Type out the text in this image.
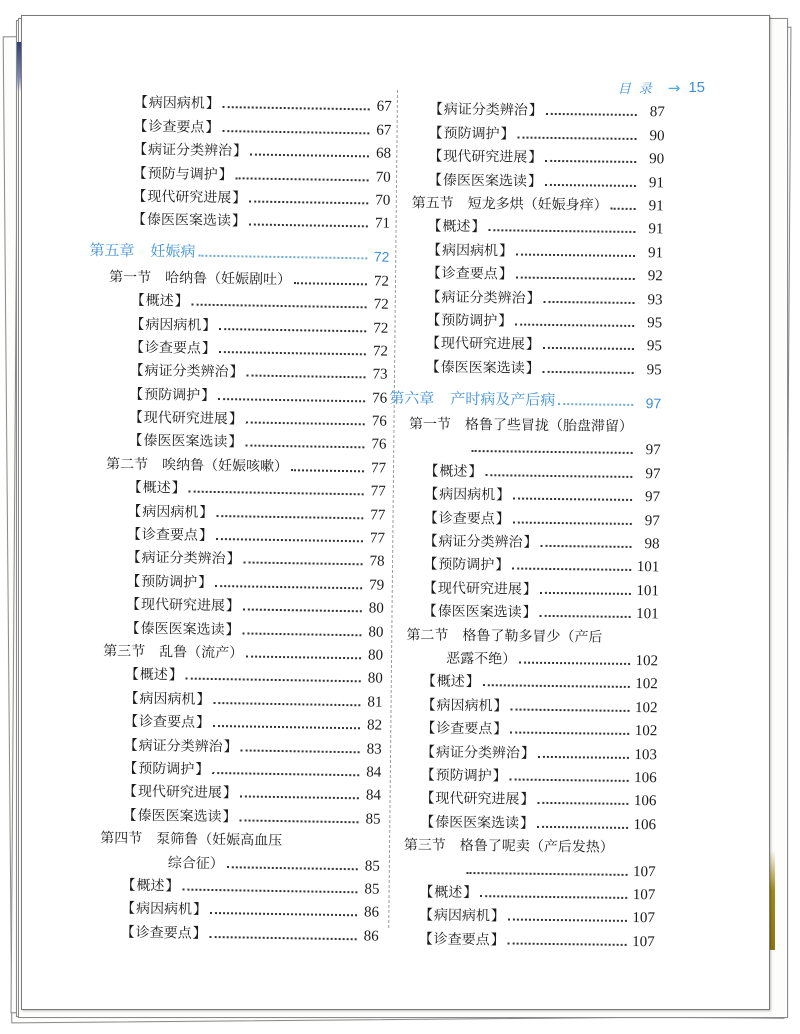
目录 → 15
【 病因病机 】	67
【 诊查要点 】	67
【 病证分类辨治 】	68
【 预防与调护 】	70
【 现代研究进展 】	70
【 傣医医案选读 】	71
第五章 妊娠病	72
第一节 哈纳鲁（妊娠剧吐）	72
【 概述 】	72
【 病因病机 】	72
【 诊查要点 】	72
【 病证分类辨治 】	73
【 预防调护 】	76
【 现代研究进展 】	76
【 傣医医案选读 】	76
第二节 唉纳鲁（妊娠咳嗽）	77
【 概述 】	77
【 病因病机 】	77
【 诊查要点 】	77
【 病证分类辨治 】	78
【 预防调护 】	79
【 现代研究进展 】	80
【 傣医医案选读 】	80
第三节 乱鲁（流产）	80
【 概述 】	80
【 病因病机 】	81
【 诊查要点 】	82
【 病证分类辨治 】	83
【 预防调护 】	84
【 现代研究进展 】	84
【 傣医医案选读 】	85
第四节 泵筛鲁（妊娠高血压
综合征）	85
【 概述 】	85
【 病因病机 】	86
【 诊查要点 】	86
【 病证分类辨治 】	87
【 预防调护 】	90
【 现代研究进展 】	90
【 傣医医案选读 】	91
第五节 短龙多烘（妊娠身痒）	91
【 概述 】	91
【 病因病机 】	91
【 诊查要点 】	92
【 病证分类辨治 】	93
【 预防调护 】	95
【 现代研究进展 】	95
【 傣医医案选读 】	95
第六章 产时病及产后病	97
第一节 格鲁了些冒拢（胎盘滞留）
97
【 概述 】	97
【 病因病机 】	97
【 诊查要点 】	97
【 病证分类辨治 】	98
【 预防调护 】	101
【 现代研究进展 】	101
【 傣医医案选读 】	101
第二节 格鲁了勒多冒少（产后
恶露不绝）	102
【 概述 】	102
【 病因病机 】	102
【 诊查要点 】	102
【 病证分类辨治 】	103
【 预防调护 】	106
【 现代研究进展 】	106
【 傣医医案选读 】	106
第三节 格鲁了呢卖（产后发热）
107
【 概述 】	107
【 病因病机 】	107
【 诊查要点 】	107
